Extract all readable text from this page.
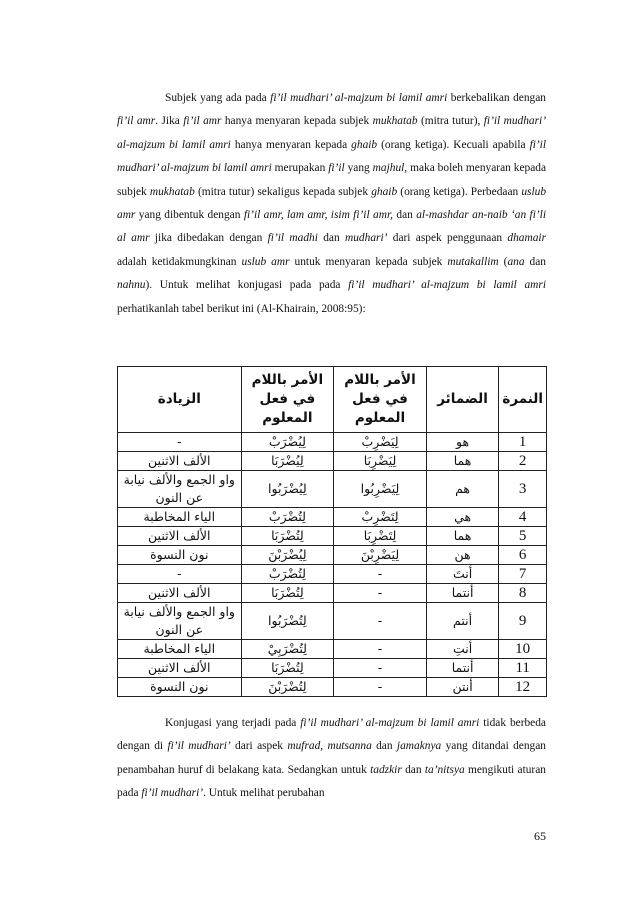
Subjek yang ada pada fi’il mudhari’ al-majzum bi lamil amri berkebalikan dengan fi’il amr. Jika fi’il amr hanya menyaran kepada subjek mukhatab (mitra tutur), fi’il mudhari’ al-majzum bi lamil amri hanya menyaran kepada ghaib (orang ketiga). Kecuali apabila fi’il mudhari’ al-majzum bi lamil amri merupakan fi’il yang majhul, maka boleh menyaran kepada subjek mukhatab (mitra tutur) sekaligus kepada subjek ghaib (orang ketiga). Perbedaan uslub amr yang dibentuk dengan fi’il amr, lam amr, isim fi’il amr, dan al-mashdar an-naib ‘an fi’li al amr jika dibedakan dengan fi’il madhi dan mudhari’ dari aspek penggunaan dhamair adalah ketidakmungkinan uslub amr untuk menyaran kepada subjek mutakallim (ana dan nahnu). Untuk melihat konjugasi pada pada fi’il mudhari’ al-majzum bi lamil amri perhatikanlah tabel berikut ini (Al-Khairain, 2008:95):

النمرة	الضمائر	الأمر باللام في فعل المعلوم	الأمر باللام في فعل المعلوم	الزيادة
1	هو	لِيَضْرِبْ	لِيُضْرَبْ	-
2	هما	لِيَضْرِبَا	لِيُضْرَبَا	الألف الاثنين
3	هم	لِيَضْرِبُوا	لِيُضْرَبُوا	واو الجمع والألف نيابة عن النون
4	هي	لِتَضْرِبْ	لِتُضْرَبْ	الياء المخاطبة
5	هما	لِتَضْرِبَا	لِتُضْرَبَا	الألف الاثنين
6	هن	لِيَضْرِبْنَ	لِيُضْرَبْنَ	نون النسوة
7	أنتَ	-	لِتُضْرَبْ	-
8	أنتما	-	لِتُضْرَبَا	الألف الاثنين
9	أنتم	-	لِتُضْرَبُوا	واو الجمع والألف نيابة عن النون
10	أنتِ	-	لِتُضْرَبِيْ	الياء المخاطبة
11	أنتما	-	لِتُضْرَبَا	الألف الاثنين
12	أنتن	-	لِتُضْرَبْنَ	نون النسوة

Konjugasi yang terjadi pada fi’il mudhari’ al-majzum bi lamil amri tidak berbeda dengan di fi’il mudhari’ dari aspek mufrad, mutsanna dan jamaknya yang ditandai dengan penambahan huruf di belakang kata. Sedangkan untuk tadzkir dan ta’nitsya mengikuti aturan pada fi’il mudhari’. Untuk melihat perubahan

65
